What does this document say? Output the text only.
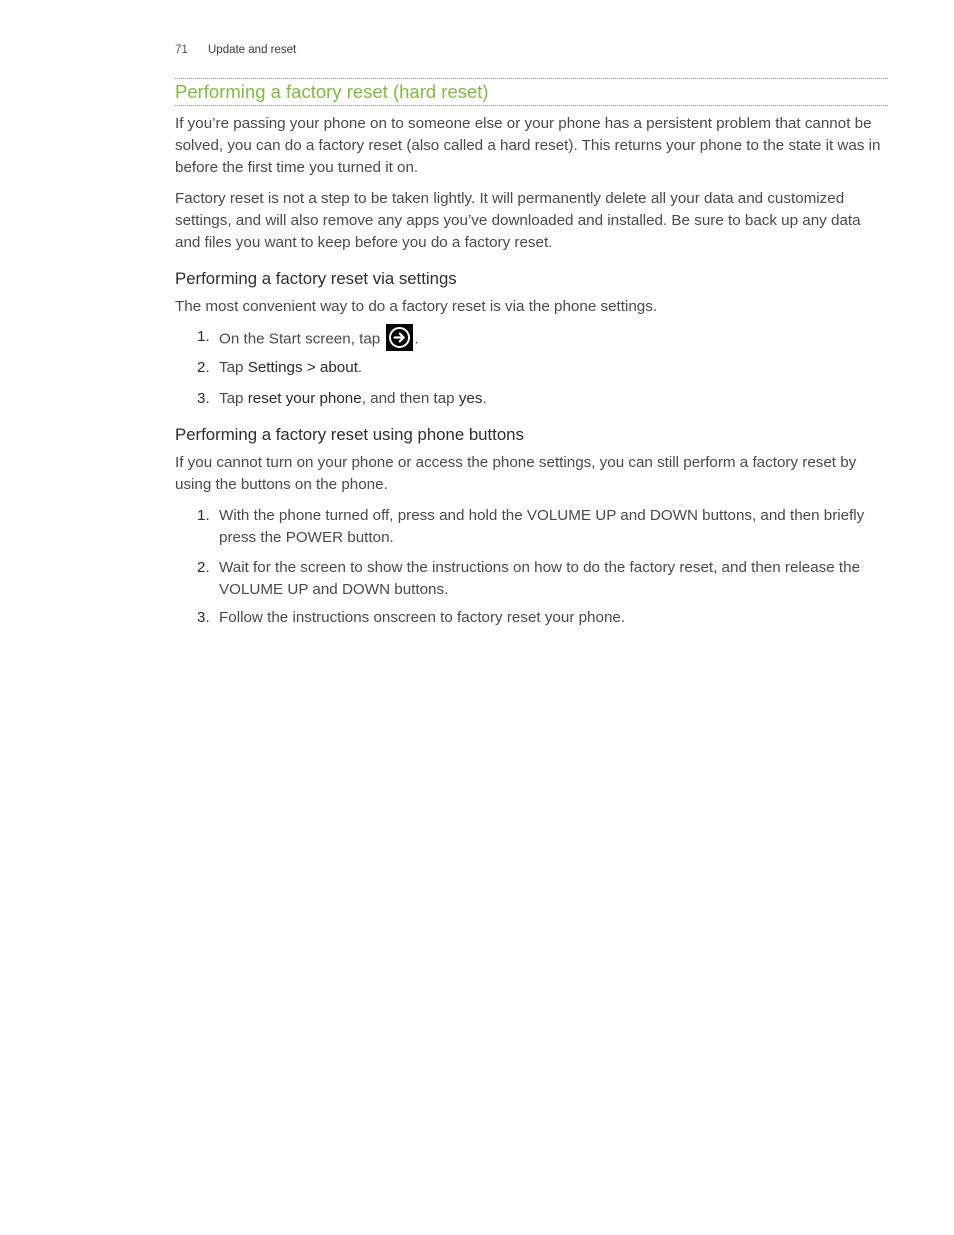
71 Update and reset
Performing a factory reset (hard reset)

If you’re passing your phone on to someone else or your phone has a persistent problem that cannot be solved, you can do a factory reset (also called a hard reset). This returns your phone to the state it was in before the first time you turned it on.

Factory reset is not a step to be taken lightly. It will permanently delete all your data and customized settings, and will also remove any apps you’ve downloaded and installed. Be sure to back up any data and files you want to keep before you do a factory reset.

Performing a factory reset via settings

The most convenient way to do a factory reset is via the phone settings.

1. On the Start screen, tap
.
2. Tap Settings > about.
3. Tap reset your phone, and then tap yes.
Performing a factory reset using phone buttons

If you cannot turn on your phone or access the phone settings, you can still perform a factory reset by using the buttons on the phone.

1. With the phone turned off, press and hold the VOLUME UP and DOWN buttons, and then briefly press the POWER button.
2. Wait for the screen to show the instructions on how to do the factory reset, and then release the VOLUME UP and DOWN buttons.
3. Follow the instructions onscreen to factory reset your phone.
